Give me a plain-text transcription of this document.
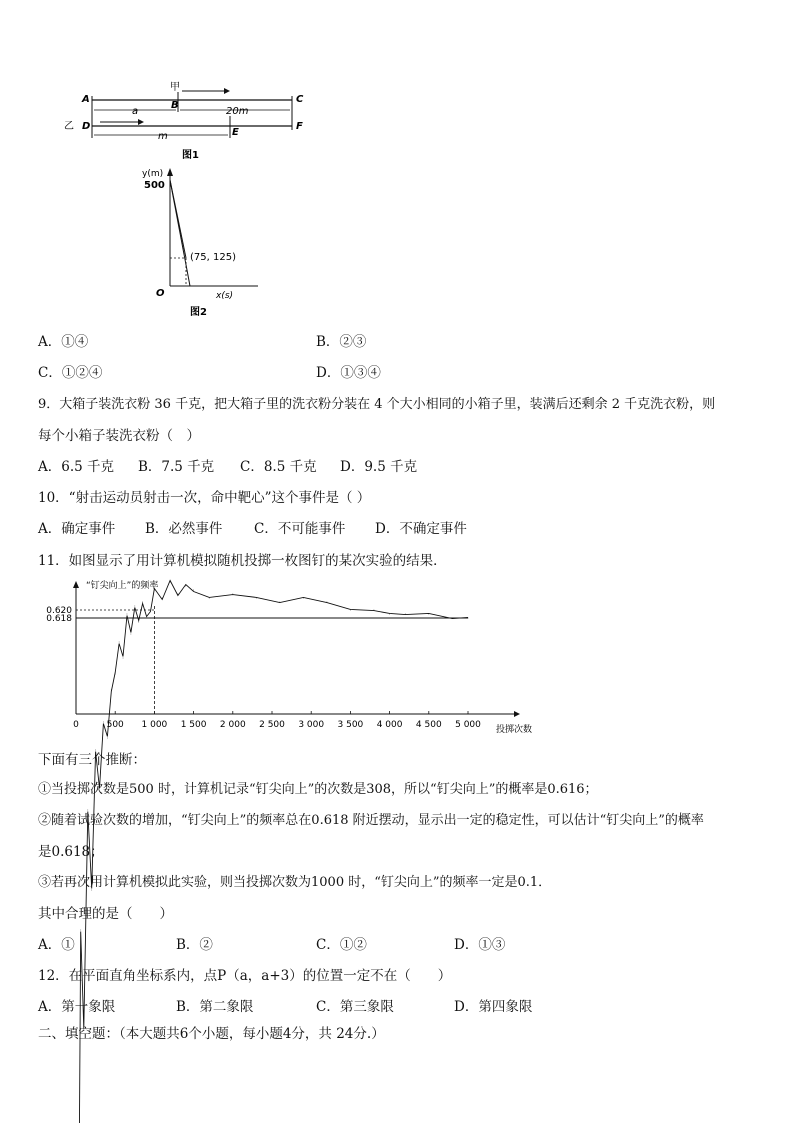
甲
A
B
C
乙 D
E
F
a	20m
m
图1
y(m)
500
(75, 125)
O	x(s)
图2
A．①④	B．②③
C．①②④	D．①③④
9．大箱子装洗衣粉 36 千克，把大箱子里的洗衣粉分装在 4 个大小相同的小箱子里，装满后还剩余 2 千克洗衣粉，则
每个小箱子装洗衣粉（　）
A．6.5 千克 B．7.5 千克 C．8.5 千克 D．9.5 千克
10．“射击运动员射击一次，命中靶心”这个事件是（ ）
A．确定事件 B．必然事件 C．不可能事件 D．不确定事件
11．如图显示了用计算机模拟随机投掷一枚图钉的某次实验的结果．
0.620
0.618
0	500 1 000 1 500 2 000 2 500 3 000 3 500 4 000 4 500 5 000
“钉尖向上”的频率
投掷次数
下面有三个推断：
①当投掷次数是500 时，计算机记录“钉尖向上”的次数是308，所以“钉尖向上”的概率是0.616；
②随着试验次数的增加，“钉尖向上”的频率总在0.618 附近摆动，显示出一定的稳定性，可以估计“钉尖向上”的概率
是0.618；
③若再次用计算机模拟此实验，则当投掷次数为1000 时，“钉尖向上”的频率一定是0.1．
其中合理的是（　　）
A．①	B．②	C．①②	D．①③
12．在平面直角坐标系内，点P（a，a+3）的位置一定不在（　　）
A．第一象限	B．第二象限	C．第三象限	D．第四象限
二、填空题：（本大题共6个小题，每小题4分，共 24分.）
